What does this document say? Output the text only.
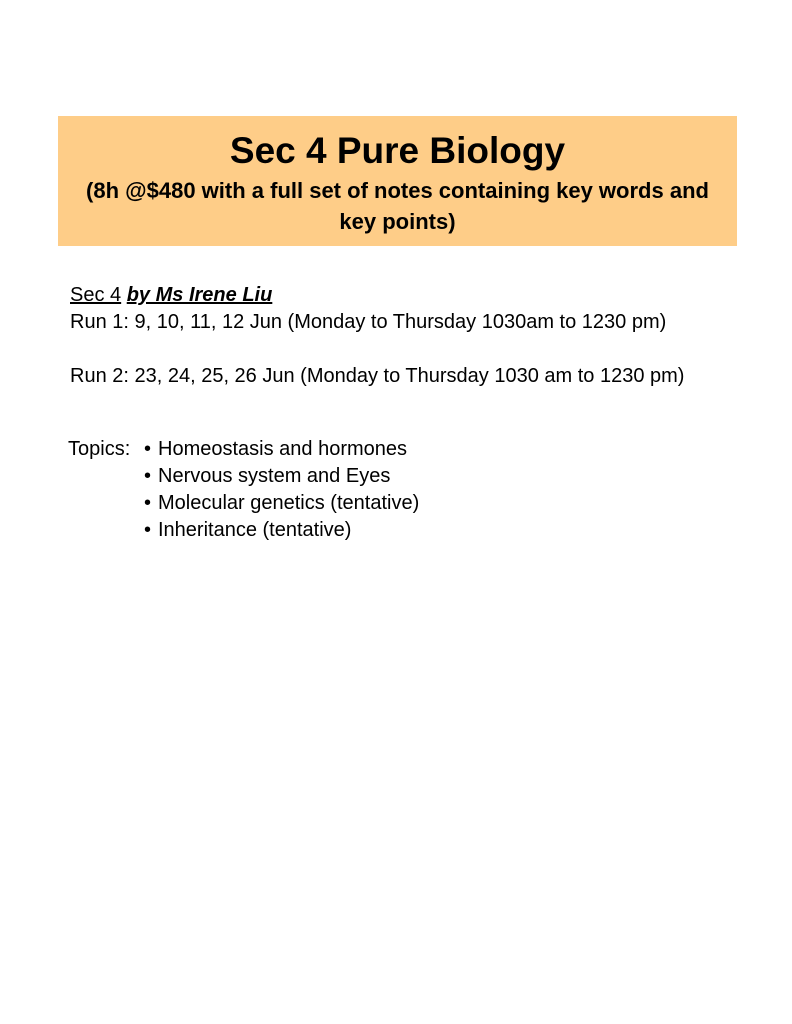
Sec 4 Pure Biology

(8h @$480 with a full set of notes containing key words and key points)

Sec 4 by Ms Irene Liu

Run 1: 9, 10, 11, 12 Jun (Monday to Thursday 1030am to 1230 pm)

Run 2: 23, 24, 25, 26 Jun (Monday to Thursday 1030 am to 1230 pm)

Topics: • Homeostasis and hormones
• Nervous system and Eyes
• Molecular genetics (tentative)
• Inheritance (tentative)
